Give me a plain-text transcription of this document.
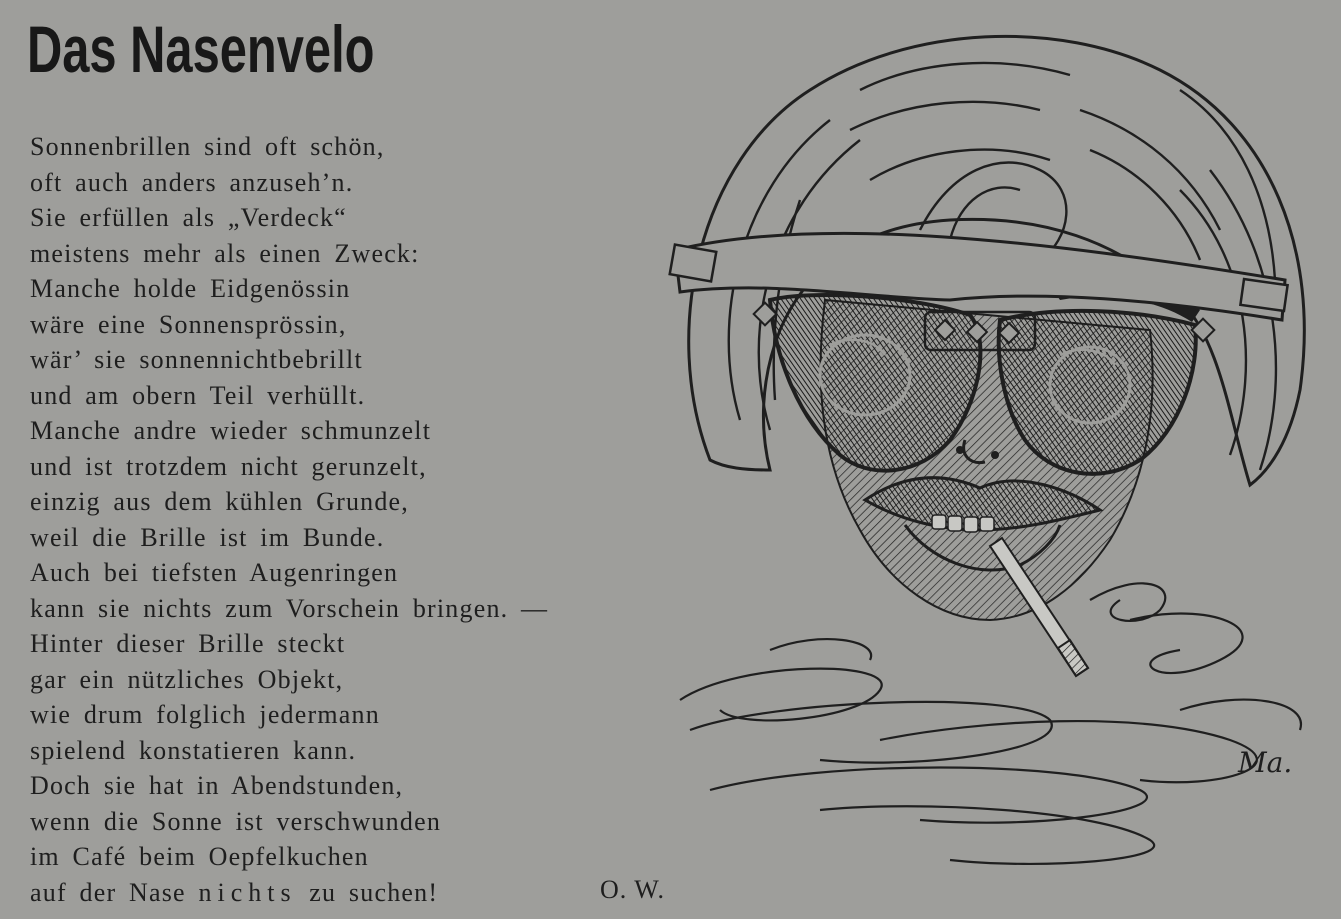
Das Nasenvelo
Sonnenbrillen sind oft schön,
oft auch anders anzuseh’n.
Sie erfüllen als „Verdeck“
meistens mehr als einen Zweck:
Manche holde Eidgenössin
wäre eine Sonnensprössin,
wär’ sie sonnennichtbebrillt
und am obern Teil verhüllt.
Manche andre wieder schmunzelt
und ist trotzdem nicht gerunzelt,
einzig aus dem kühlen Grunde,
weil die Brille ist im Bunde.
Auch bei tiefsten Augenringen
kann sie nichts zum Vorschein bringen. —
Hinter dieser Brille steckt
gar ein nützliches Objekt,
wie drum folglich jedermann
spielend konstatieren kann.
Doch sie hat in Abendstunden,
wenn die Sonne ist verschwunden
im Café beim Oepfelkuchen
auf der Nase nichts zu suchen!	O. W.
Ma.
